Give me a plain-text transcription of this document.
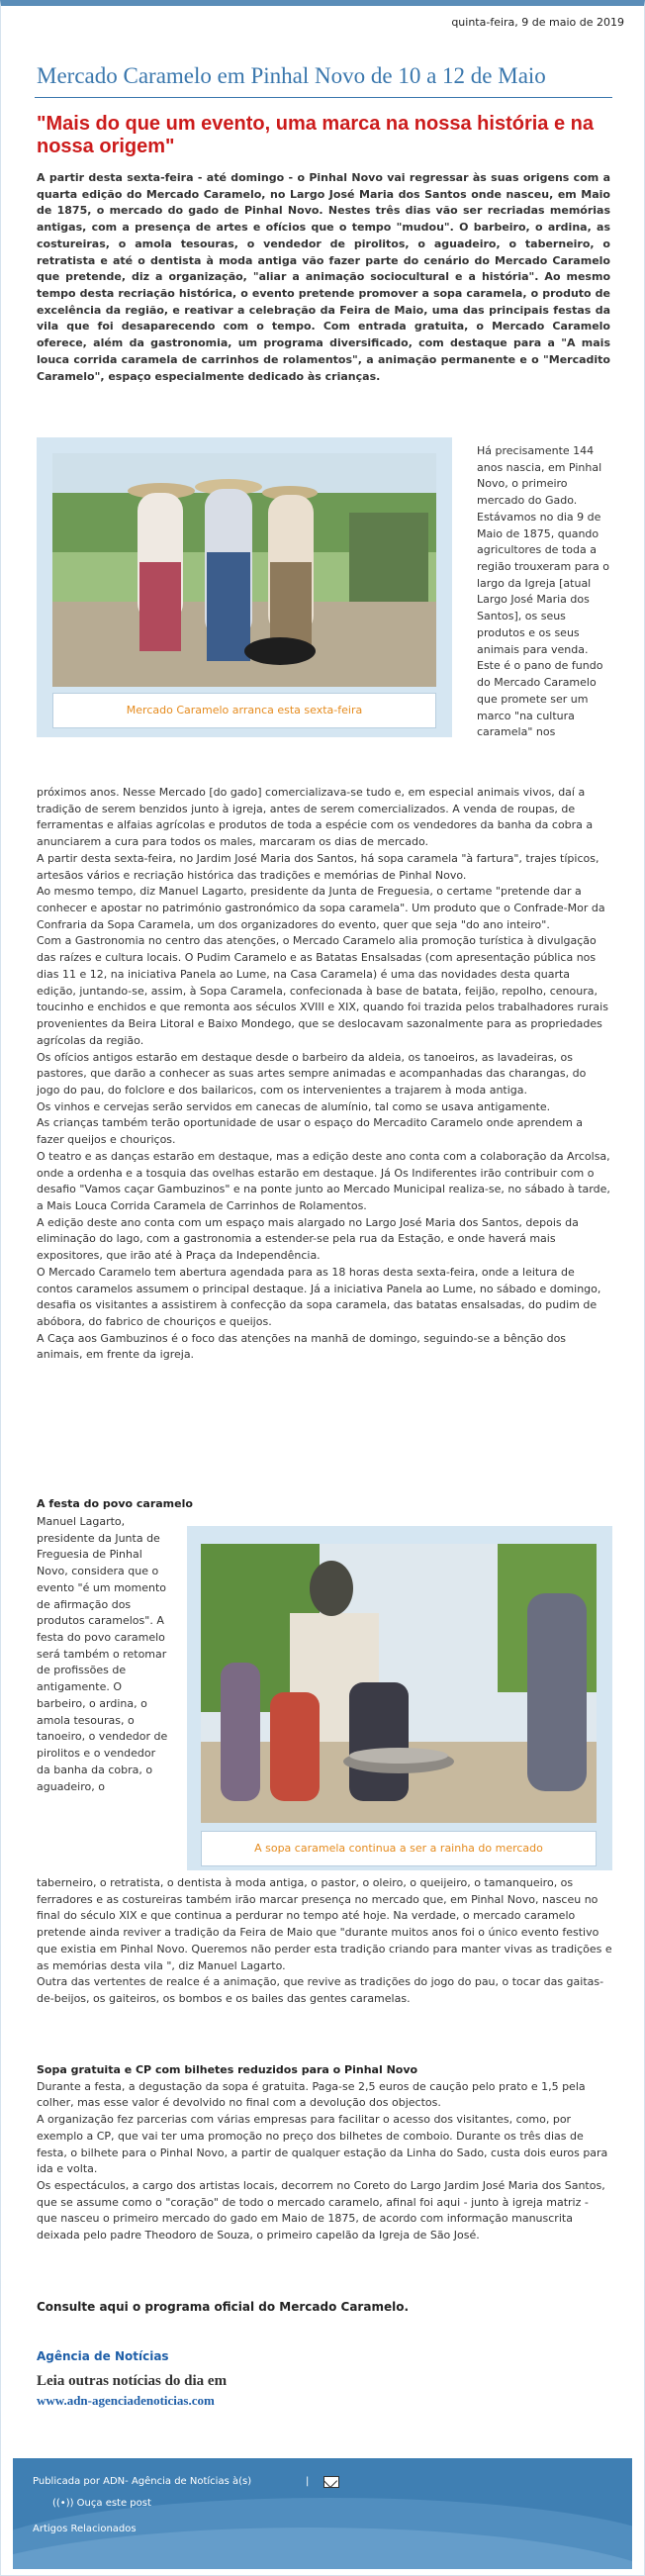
quinta-feira, 9 de maio de 2019
Mercado Caramelo em Pinhal Novo de 10 a 12 de Maio
"Mais do que um evento, uma marca na nossa história e na nossa origem"
A partir desta sexta-feira - até domingo - o Pinhal Novo vai regressar às suas origens com a quarta edição do Mercado Caramelo, no Largo José Maria dos Santos onde nasceu, em Maio de 1875, o mercado do gado de Pinhal Novo. Nestes três dias vão ser recriadas memórias antigas, com a presença de artes e ofícios que o tempo "mudou". O barbeiro, o ardina, as costureiras, o amola tesouras, o vendedor de pirolitos, o aguadeiro, o taberneiro, o retratista e até o dentista à moda antiga vão fazer parte do cenário do Mercado Caramelo que pretende, diz a organização, "aliar a animação sociocultural e a história". Ao mesmo tempo desta recriação histórica, o evento pretende promover a sopa caramela, o produto de excelência da região, e reativar a celebração da Feira de Maio, uma das principais festas da vila que foi desaparecendo com o tempo. Com entrada gratuita, o Mercado Caramelo oferece, além da gastronomia, um programa diversificado, com destaque para a "A mais louca corrida caramela de carrinhos de rolamentos", a animação permanente e o "Mercadito Caramelo", espaço especialmente dedicado às crianças.
Mercado Caramelo arranca esta sexta-feira
Há precisamente 144 anos nascia, em Pinhal Novo, o primeiro mercado do Gado. Estávamos no dia 9 de Maio de 1875, quando agricultores de toda a região trouxeram para o largo da Igreja [atual Largo José Maria dos Santos], os seus produtos e os seus animais para venda. Este é o pano de fundo do Mercado Caramelo que promete ser um marco "na cultura caramela" nos

próximos anos. Nesse Mercado [do gado] comercializava-se tudo e, em especial animais vivos, daí a tradição de serem benzidos junto à igreja, antes de serem comercializados. A venda de roupas, de ferramentas e alfaias agrícolas e produtos de toda a espécie com os vendedores da banha da cobra a anunciarem a cura para todos os males, marcaram os dias de mercado.

A partir desta sexta-feira, no Jardim José Maria dos Santos, há sopa caramela "à fartura", trajes típicos, artesãos vários e recriação histórica das tradições e memórias de Pinhal Novo.

Ao mesmo tempo, diz Manuel Lagarto, presidente da Junta de Freguesia, o certame "pretende dar a conhecer e apostar no património gastronómico da sopa caramela". Um produto que o Confrade-Mor da Confraria da Sopa Caramela, um dos organizadores do evento, quer que seja "do ano inteiro".

Com a Gastronomia no centro das atenções, o Mercado Caramelo alia promoção turística à divulgação das raízes e cultura locais. O Pudim Caramelo e as Batatas Ensalsadas (com apresentação pública nos dias 11 e 12, na iniciativa Panela ao Lume, na Casa Caramela) é uma das novidades desta quarta edição, juntando-se, assim, à Sopa Caramela, confecionada à base de batata, feijão, repolho, cenoura, toucinho e enchidos e que remonta aos séculos XVIII e XIX, quando foi trazida pelos trabalhadores rurais provenientes da Beira Litoral e Baixo Mondego, que se deslocavam sazonalmente para as propriedades agrícolas da região.

Os ofícios antigos estarão em destaque desde o barbeiro da aldeia, os tanoeiros, as lavadeiras, os pastores, que darão a conhecer as suas artes sempre animadas e acompanhadas das charangas, do jogo do pau, do folclore e dos bailaricos, com os intervenientes a trajarem à moda antiga.

Os vinhos e cervejas serão servidos em canecas de alumínio, tal como se usava antigamente.

As crianças também terão oportunidade de usar o espaço do Mercadito Caramelo onde aprendem a fazer queijos e chouriços.

O teatro e as danças estarão em destaque, mas a edição deste ano conta com a colaboração da Arcolsa, onde a ordenha e a tosquia das ovelhas estarão em destaque. Já Os Indiferentes irão contribuir com o desafio "Vamos caçar Gambuzinos" e na ponte junto ao Mercado Municipal realiza-se, no sábado à tarde, a Mais Louca Corrida Caramela de Carrinhos de Rolamentos.

A edição deste ano conta com um espaço mais alargado no Largo José Maria dos Santos, depois da eliminação do lago, com a gastronomia a estender-se pela rua da Estação, e onde haverá mais expositores, que irão até à Praça da Independência.

O Mercado Caramelo tem abertura agendada para as 18 horas desta sexta-feira, onde a leitura de contos caramelos assumem o principal destaque. Já a iniciativa Panela ao Lume, no sábado e domingo, desafia os visitantes a assistirem à confecção da sopa caramela, das batatas ensalsadas, do pudim de abóbora, do fabrico de chouriços e queijos.

A Caça aos Gambuzinos é o foco das atenções na manhã de domingo, seguindo-se a bênção dos animais, em frente da igreja.

A festa do povo caramelo
Manuel Lagarto, presidente da Junta de Freguesia de Pinhal Novo, considera que o evento "é um momento de afirmação dos produtos caramelos". A festa do povo caramelo será também o retomar de profissões de antigamente. O barbeiro, o ardina, o amola tesouras, o tanoeiro, o vendedor de pirolitos e o vendedor da banha da cobra, o aguadeiro, o
A sopa caramela continua a ser a rainha do mercado
taberneiro, o retratista, o dentista à moda antiga, o pastor, o oleiro, o queijeiro, o tamanqueiro, os ferradores e as costureiras também irão marcar presença no mercado que, em Pinhal Novo, nasceu no final do século XIX e que continua a perdurar no tempo até hoje. Na verdade, o mercado caramelo pretende ainda reviver a tradição da Feira de Maio que "durante muitos anos foi o único evento festivo que existia em Pinhal Novo. Queremos não perder esta tradição criando para manter vivas as tradições e as memórias desta vila ", diz Manuel Lagarto.
Outra das vertentes de realce é a animação, que revive as tradições do jogo do pau, o tocar das gaitas-de-beijos, os gaiteiros, os bombos e os bailes das gentes caramelas.

Sopa gratuita e CP com bilhetes reduzidos para o Pinhal Novo

Durante a festa, a degustação da sopa é gratuita. Paga-se 2,5 euros de caução pelo prato e 1,5 pela colher, mas esse valor é devolvido no final com a devolução dos objectos.

A organização fez parcerias com várias empresas para facilitar o acesso dos visitantes, como, por exemplo a CP, que vai ter uma promoção no preço dos bilhetes de comboio. Durante os três dias de festa, o bilhete para o Pinhal Novo, a partir de qualquer estação da Linha do Sado, custa dois euros para ida e volta.

Os espectáculos, a cargo dos artistas locais, decorrem no Coreto do Largo Jardim José Maria dos Santos, que se assume como o "coração" de todo o mercado caramelo, afinal foi aqui - junto à igreja matriz - que nasceu o primeiro mercado do gado em Maio de 1875, de acordo com informação manuscrita deixada pelo padre Theodoro de Souza, o primeiro capelão da Igreja de São José.

Consulte aqui o programa oficial do Mercado Caramelo.
Agência de Notícias
Leia outras notícias do dia em
www.adn-agenciadenoticias.com
Publicada por ADN- Agência de Notícias à(s)	|
((•)) Ouça este post
Artigos Relacionados
